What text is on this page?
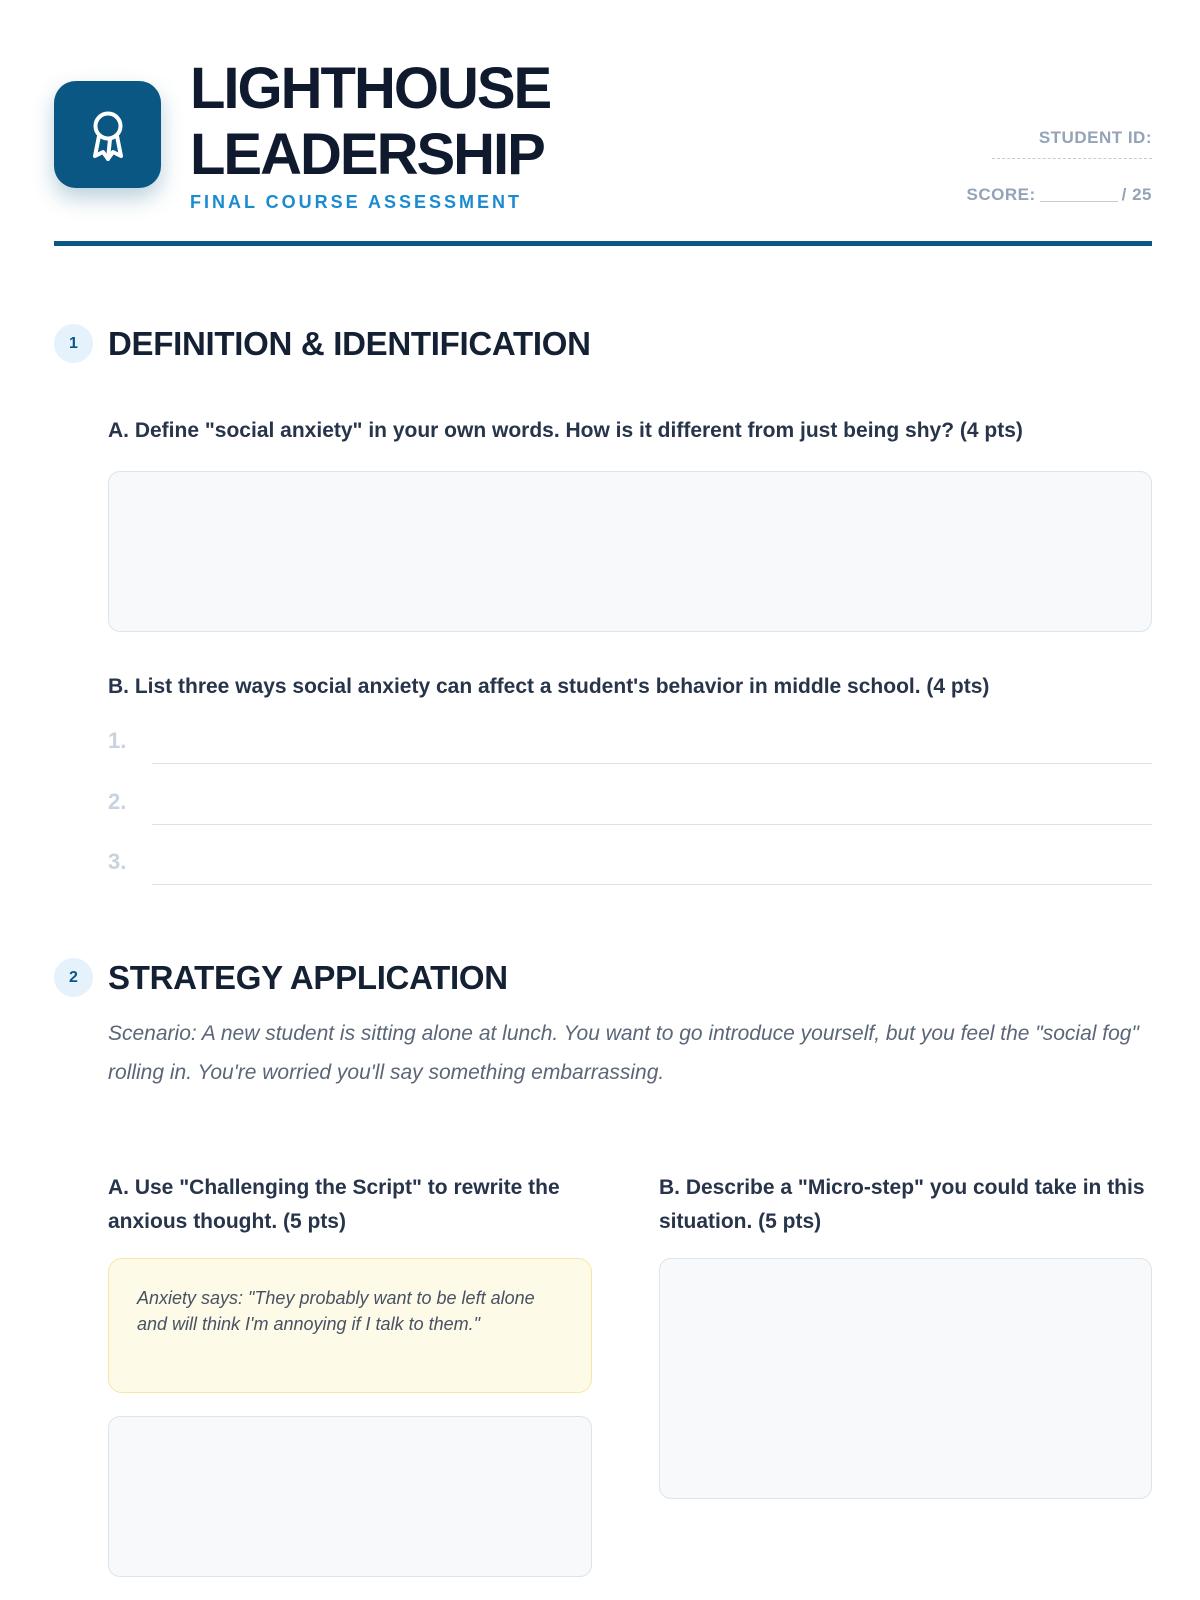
LIGHTHOUSE
LEADERSHIP
FINAL COURSE ASSESSMENT
STUDENT ID:
SCORE:	/ 25
1 DEFINITION & IDENTIFICATION
A. Define "social anxiety" in your own words. How is it different from just being shy? (4 pts)
B. List three ways social anxiety can affect a student's behavior in middle school. (4 pts)
1.
2.
3.
2 STRATEGY APPLICATION
Scenario: A new student is sitting alone at lunch. You want to go introduce yourself, but you feel the "social fog" rolling in. You're worried you'll say something embarrassing.
A. Use "Challenging the Script" to rewrite the anxious thought. (5 pts)
B. Describe a "Micro-step" you could take in this situation. (5 pts)
Anxiety says: "They probably want to be left alone and will think I'm annoying if I talk to them."
